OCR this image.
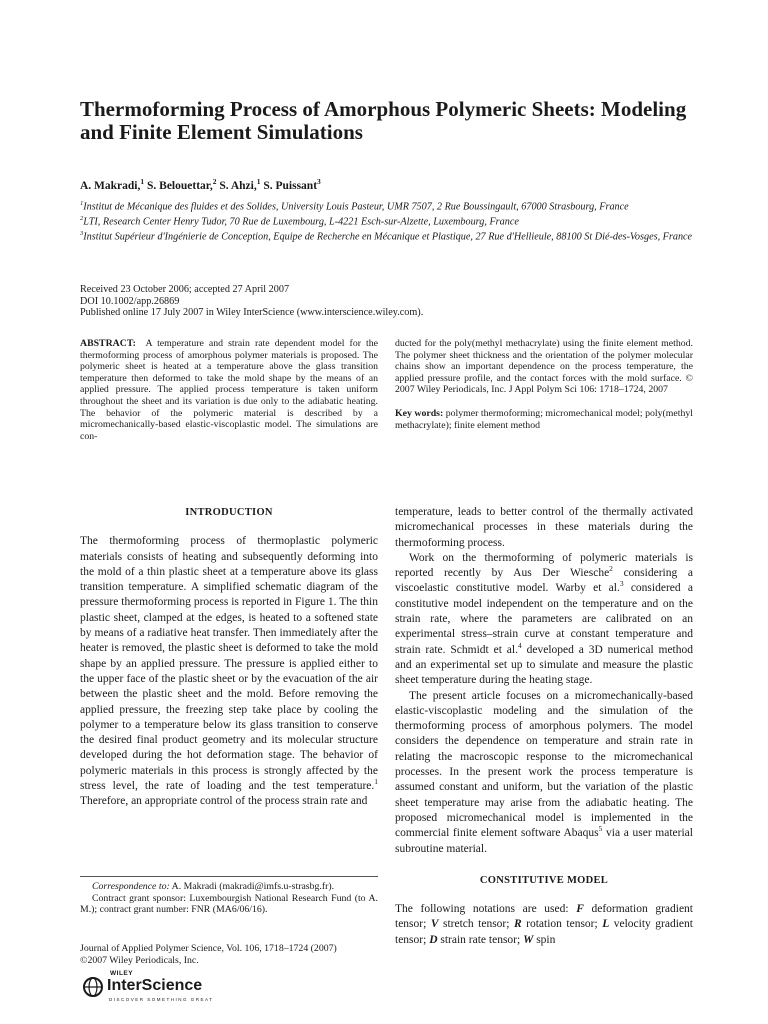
Thermoforming Process of Amorphous Polymeric Sheets: Modeling and Finite Element Simulations

A. Makradi,$^1$ S. Belouettar,$^2$ S. Ahzi,$^1$ S. Puissant$^3$

$^1$Institut de Mécanique des fluides et des Solides, University Louis Pasteur, UMR 7507, 2 Rue Boussingault, 67000 Strasbourg, France
$^2$LTI, Research Center Henry Tudor, 70 Rue de Luxembourg, L-4221 Esch-sur-Alzette, Luxembourg, France
$^3$Institut Supérieur d'Ingénierie de Conception, Equipe de Recherche en Mécanique et Plastique, 27 Rue d'Hellieule, 88100 St Dié-des-Vosges, France
Received 23 October 2006; accepted 27 April 2007
DOI 10.1002/app.26869
Published online 17 July 2007 in Wiley InterScience (www.interscience.wiley.com).
ABSTRACT: A temperature and strain rate dependent model for the thermoforming process of amorphous polymer materials is proposed. The polymeric sheet is heated at a temperature above the glass transition temperature then deformed to take the mold shape by the means of an applied pressure. The applied process temperature is taken uniform throughout the sheet and its variation is due only to the adiabatic heating. The behavior of the polymeric material is described by a micromechanically-based elastic-viscoplastic model. The simulations are con-
ducted for the poly(methyl methacrylate) using the finite element method. The polymer sheet thickness and the orientation of the polymer molecular chains show an important dependence on the process temperature, the applied pressure profile, and the contact forces with the mold surface. © 2007 Wiley Periodicals, Inc. J Appl Polym Sci 106: 1718–1724, 2007
Key words: polymer thermoforming; micromechanical model; poly(methyl methacrylate); finite element method
INTRODUCTION

The thermoforming process of thermoplastic polymeric materials consists of heating and subsequently deforming into the mold of a thin plastic sheet at a temperature above its glass transition temperature. A simplified schematic diagram of the pressure thermoforming process is reported in Figure 1. The thin plastic sheet, clamped at the edges, is heated to a softened state by means of a radiative heat transfer. Then immediately after the heater is removed, the plastic sheet is deformed to take the mold shape by an applied pressure. The pressure is applied either to the upper face of the plastic sheet or by the evacuation of the air between the plastic sheet and the mold. Before removing the applied pressure, the freezing step take place by cooling the polymer to a temperature below its glass transition to conserve the desired final product geometry and its molecular structure developed during the hot deformation stage. The behavior of polymeric materials in this process is strongly affected by the stress level, the rate of loading and the test temperature.$^1$ Therefore, an appropriate control of the process strain rate and

temperature, leads to better control of the thermally activated micromechanical processes in these materials during the thermoforming process.

Work on the thermoforming of polymeric materials is reported recently by Aus Der Wiesche$^2$ considering a viscoelastic constitutive model. Warby et al.$^3$ considered a constitutive model independent on the temperature and on the strain rate, where the parameters are calibrated on an experimental stress–strain curve at constant temperature and strain rate. Schmidt et al.$^4$ developed a 3D numerical method and an experimental set up to simulate and measure the plastic sheet temperature during the heating stage.

The present article focuses on a micromechanically-based elastic-viscoplastic modeling and the simulation of the thermoforming process of amorphous polymers. The model considers the dependence on temperature and strain rate in relating the macroscopic response to the micromechanical processes. In the present work the process temperature is assumed constant and uniform, but the variation of the plastic sheet temperature may arise from the adiabatic heating. The proposed micromechanical model is implemented in the commercial finite element software Abaqus$^5$ via a user material subroutine material.

CONSTITUTIVE MODEL

The following notations are used: F deformation gradient tensor; V stretch tensor; R rotation tensor; L velocity gradient tensor; D strain rate tensor; W spin

Correspondence to: A. Makradi (makradi@imfs.u-strasbg.fr).
Contract grant sponsor: Luxembourgish National Research Fund (to A. M.); contract grant number: FNR (MA6/06/16).
Journal of Applied Polymer Science, Vol. 106, 1718–1724 (2007)
©2007 Wiley Periodicals, Inc.
WILEY
InterScience
DISCOVER SOMETHING GREAT
